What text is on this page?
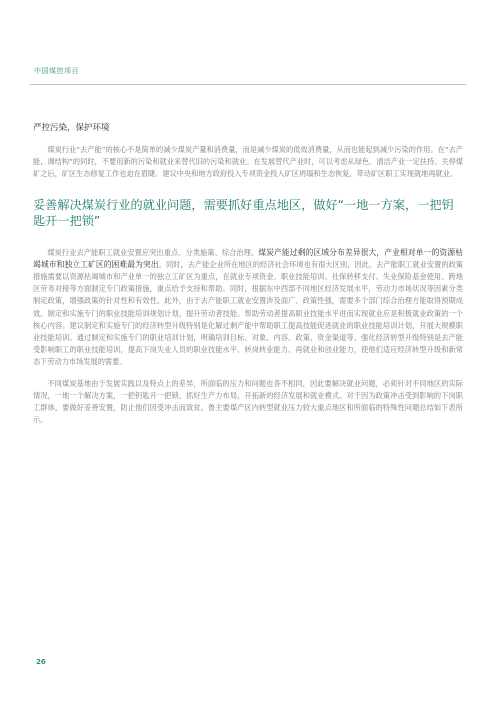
中国煤控项目
严控污染，保护环境

煤炭行业“去产能”的核心不是简单的减少煤炭产量和消费量，而是减少煤炭的低效消费量，从而也能起到减少污染的作用。在“去产能，调结构”的同时，不要用新的污染和就业来替代旧的污染和就业。在发展替代产业时，可以考虑从绿色、清洁产业一定扶持。关停煤矿之后，矿区生态修复工作也迫在眉睫。建议中央和地方政府投入专项资金投入矿区坍塌和生态恢复，带动矿区职工实现就地再就业。

妥善解决煤炭行业的就业问题，需要抓好重点地区，做好“一地一方案，一把钥匙开一把锁”

煤炭行业去产能职工就业安置应突出重点、分类施策、综合治理。煤炭产能过剩的区域分布差异很大，产业相对单一的资源枯竭城市和独立工矿区的困难最为突出。同时，去产能企业所在地区的经济社会环境也有很大区别，因此，去产能职工就业安置的政策措施需要以资源枯竭城市和产业单一的独立工矿区为重点，在就业专项资金、职业技能培训、社保转移支付、失业保险基金使用、跨地区劳务对接等方面制定专门政策措施，重点给予支持和帮助。同时，根据东中西部不同地区经济发展水平，劳动力市场状况等因素分类制定政策，增强政策的针对性和有效性。此外，由于去产能职工就业安置涉及面广、政策性强，需要多个部门综合治理方能取得预期成效。制定和实施专门的职业技能培训规划计划，提升劳动者技能。帮助劳动者提高职业技能水平进而实现就业应是积极就业政策的一个核心内容。建议制定和实施专门的经济转型升级特别是化解过剩产能中帮助职工提高技能促进就业的职业技能培训计划，开展大规模职业技能培训。通过制定和实施专门的职业培训计划，明确培训目标、对象、内容、政策、资金渠道等。强化经济转型升级特别是去产能受影响职工的职业技能培训，提高下岗失业人员的职业技能水平、转岗转业能力、再就业和创业能力，使他们适应经济转型升级和新常态下劳动力市场发展的需要。

不同煤炭基地由于发展实践以及特点上的差异，所面临的压力和问题也各不相同，因此要解决就业问题，必须针对不同地区的实际情况，一地一个解决方案，一把钥匙开一把锁，抓好生产力布局，开拓新的经济发展和就业模式。对于因为政策冲击受到影响的下岗职工群体，要做好妥善安置，防止他们因受冲击而致贫。鲁主要煤产区内转型就业压力较大重点地区和所面临的特殊性问题总结如下表所示。

26
